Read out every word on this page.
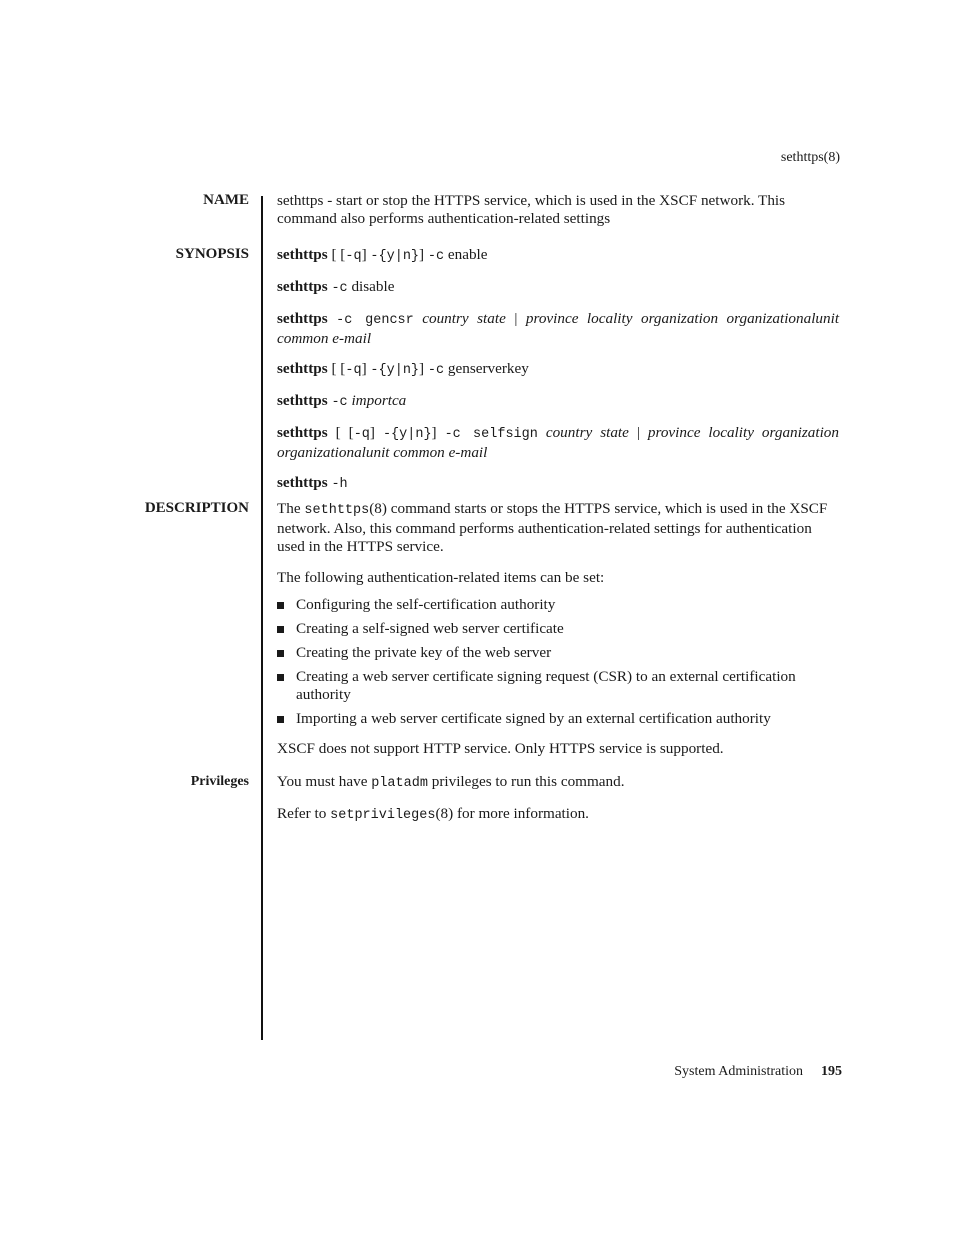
sethttps(8)
NAME sethttps - start or stop the HTTPS service, which is used in the XSCF network. This command also performs authentication-related settings

SYNOPSIS sethttps [ [-q] -{y|n}] -c enable

sethttps -c disable

sethttps -c gencsr country state | province locality organization organizationalunit common e-mail

sethttps [ [-q] -{y|n}] -c genserverkey

sethttps -c importca

sethttps [ [-q] -{y|n}] -c selfsign country state | province locality organization organizationalunit common e-mail

sethttps -h

DESCRIPTION The sethttps(8) command starts or stops the HTTPS service, which is used in the XSCF network. Also, this command performs authentication-related settings for authentication used in the HTTPS service.

The following authentication-related items can be set:

Configuring the self-certification authority
Creating a self-signed web server certificate
Creating the private key of the web server
Creating a web server certificate signing request (CSR) to an external certification authority
Importing a web server certificate signed by an external certification authority

XSCF does not support HTTP service. Only HTTPS service is supported.

Privileges You must have platadm privileges to run this command.

Refer to setprivileges(8) for more information.

System Administration 195
